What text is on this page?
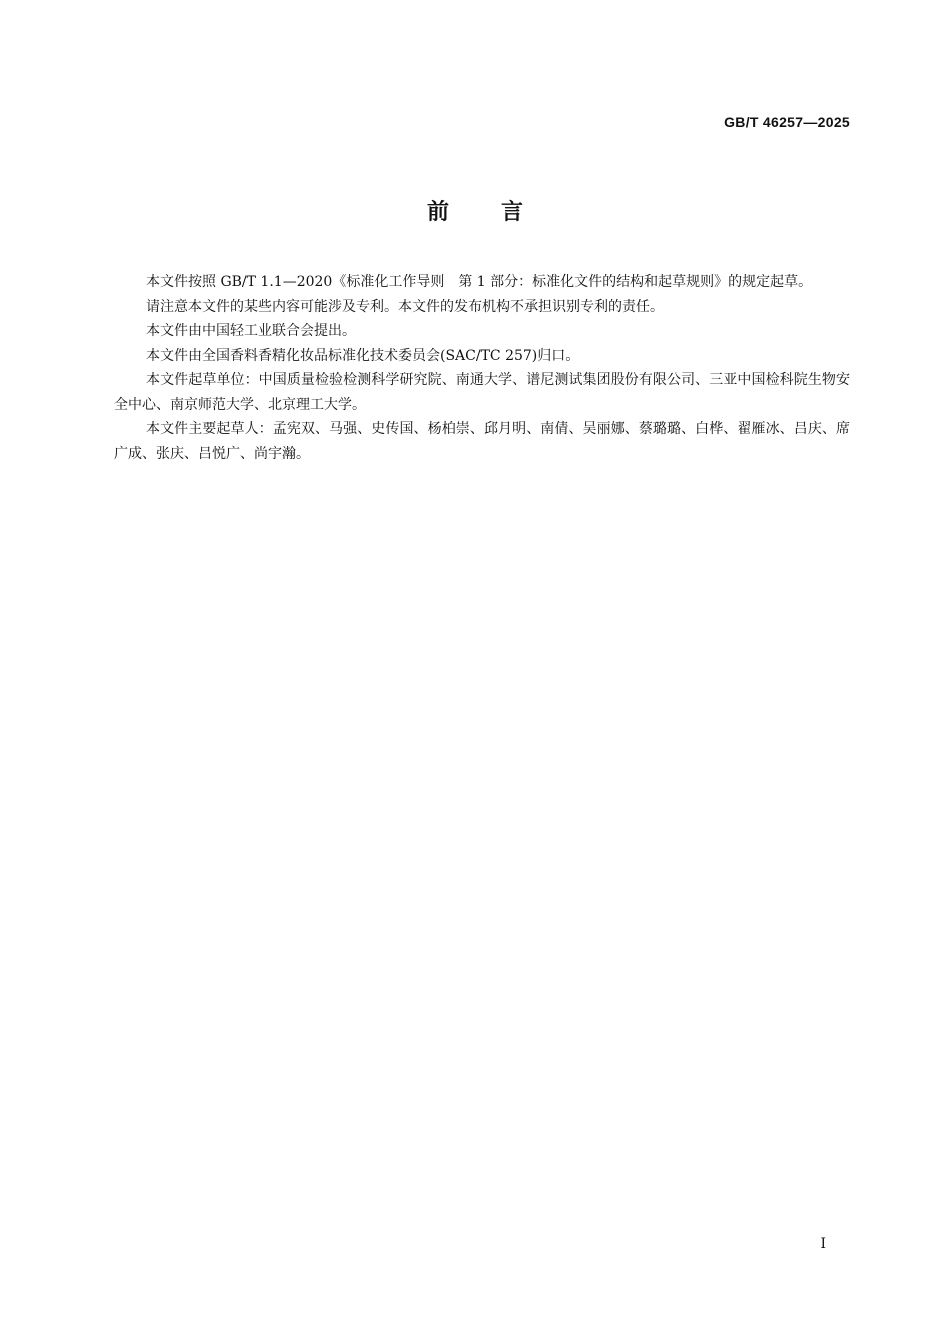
GB/T 46257—2025
前言

本文件按照 GB/T 1.1—2020《标准化工作导则　第 1 部分：标准化文件的结构和起草规则》的规定起草。

请注意本文件的某些内容可能涉及专利。本文件的发布机构不承担识别专利的责任。

本文件由中国轻工业联合会提出。

本文件由全国香料香精化妆品标准化技术委员会(SAC/TC 257)归口。

本文件起草单位：中国质量检验检测科学研究院、南通大学、谱尼测试集团股份有限公司、三亚中国检科院生物安全中心、南京师范大学、北京理工大学。

本文件主要起草人：孟宪双、马强、史传国、杨柏崇、邱月明、南倩、吴丽娜、蔡璐璐、白桦、翟雁冰、吕庆、席广成、张庆、吕悦广、尚宇瀚。

I
